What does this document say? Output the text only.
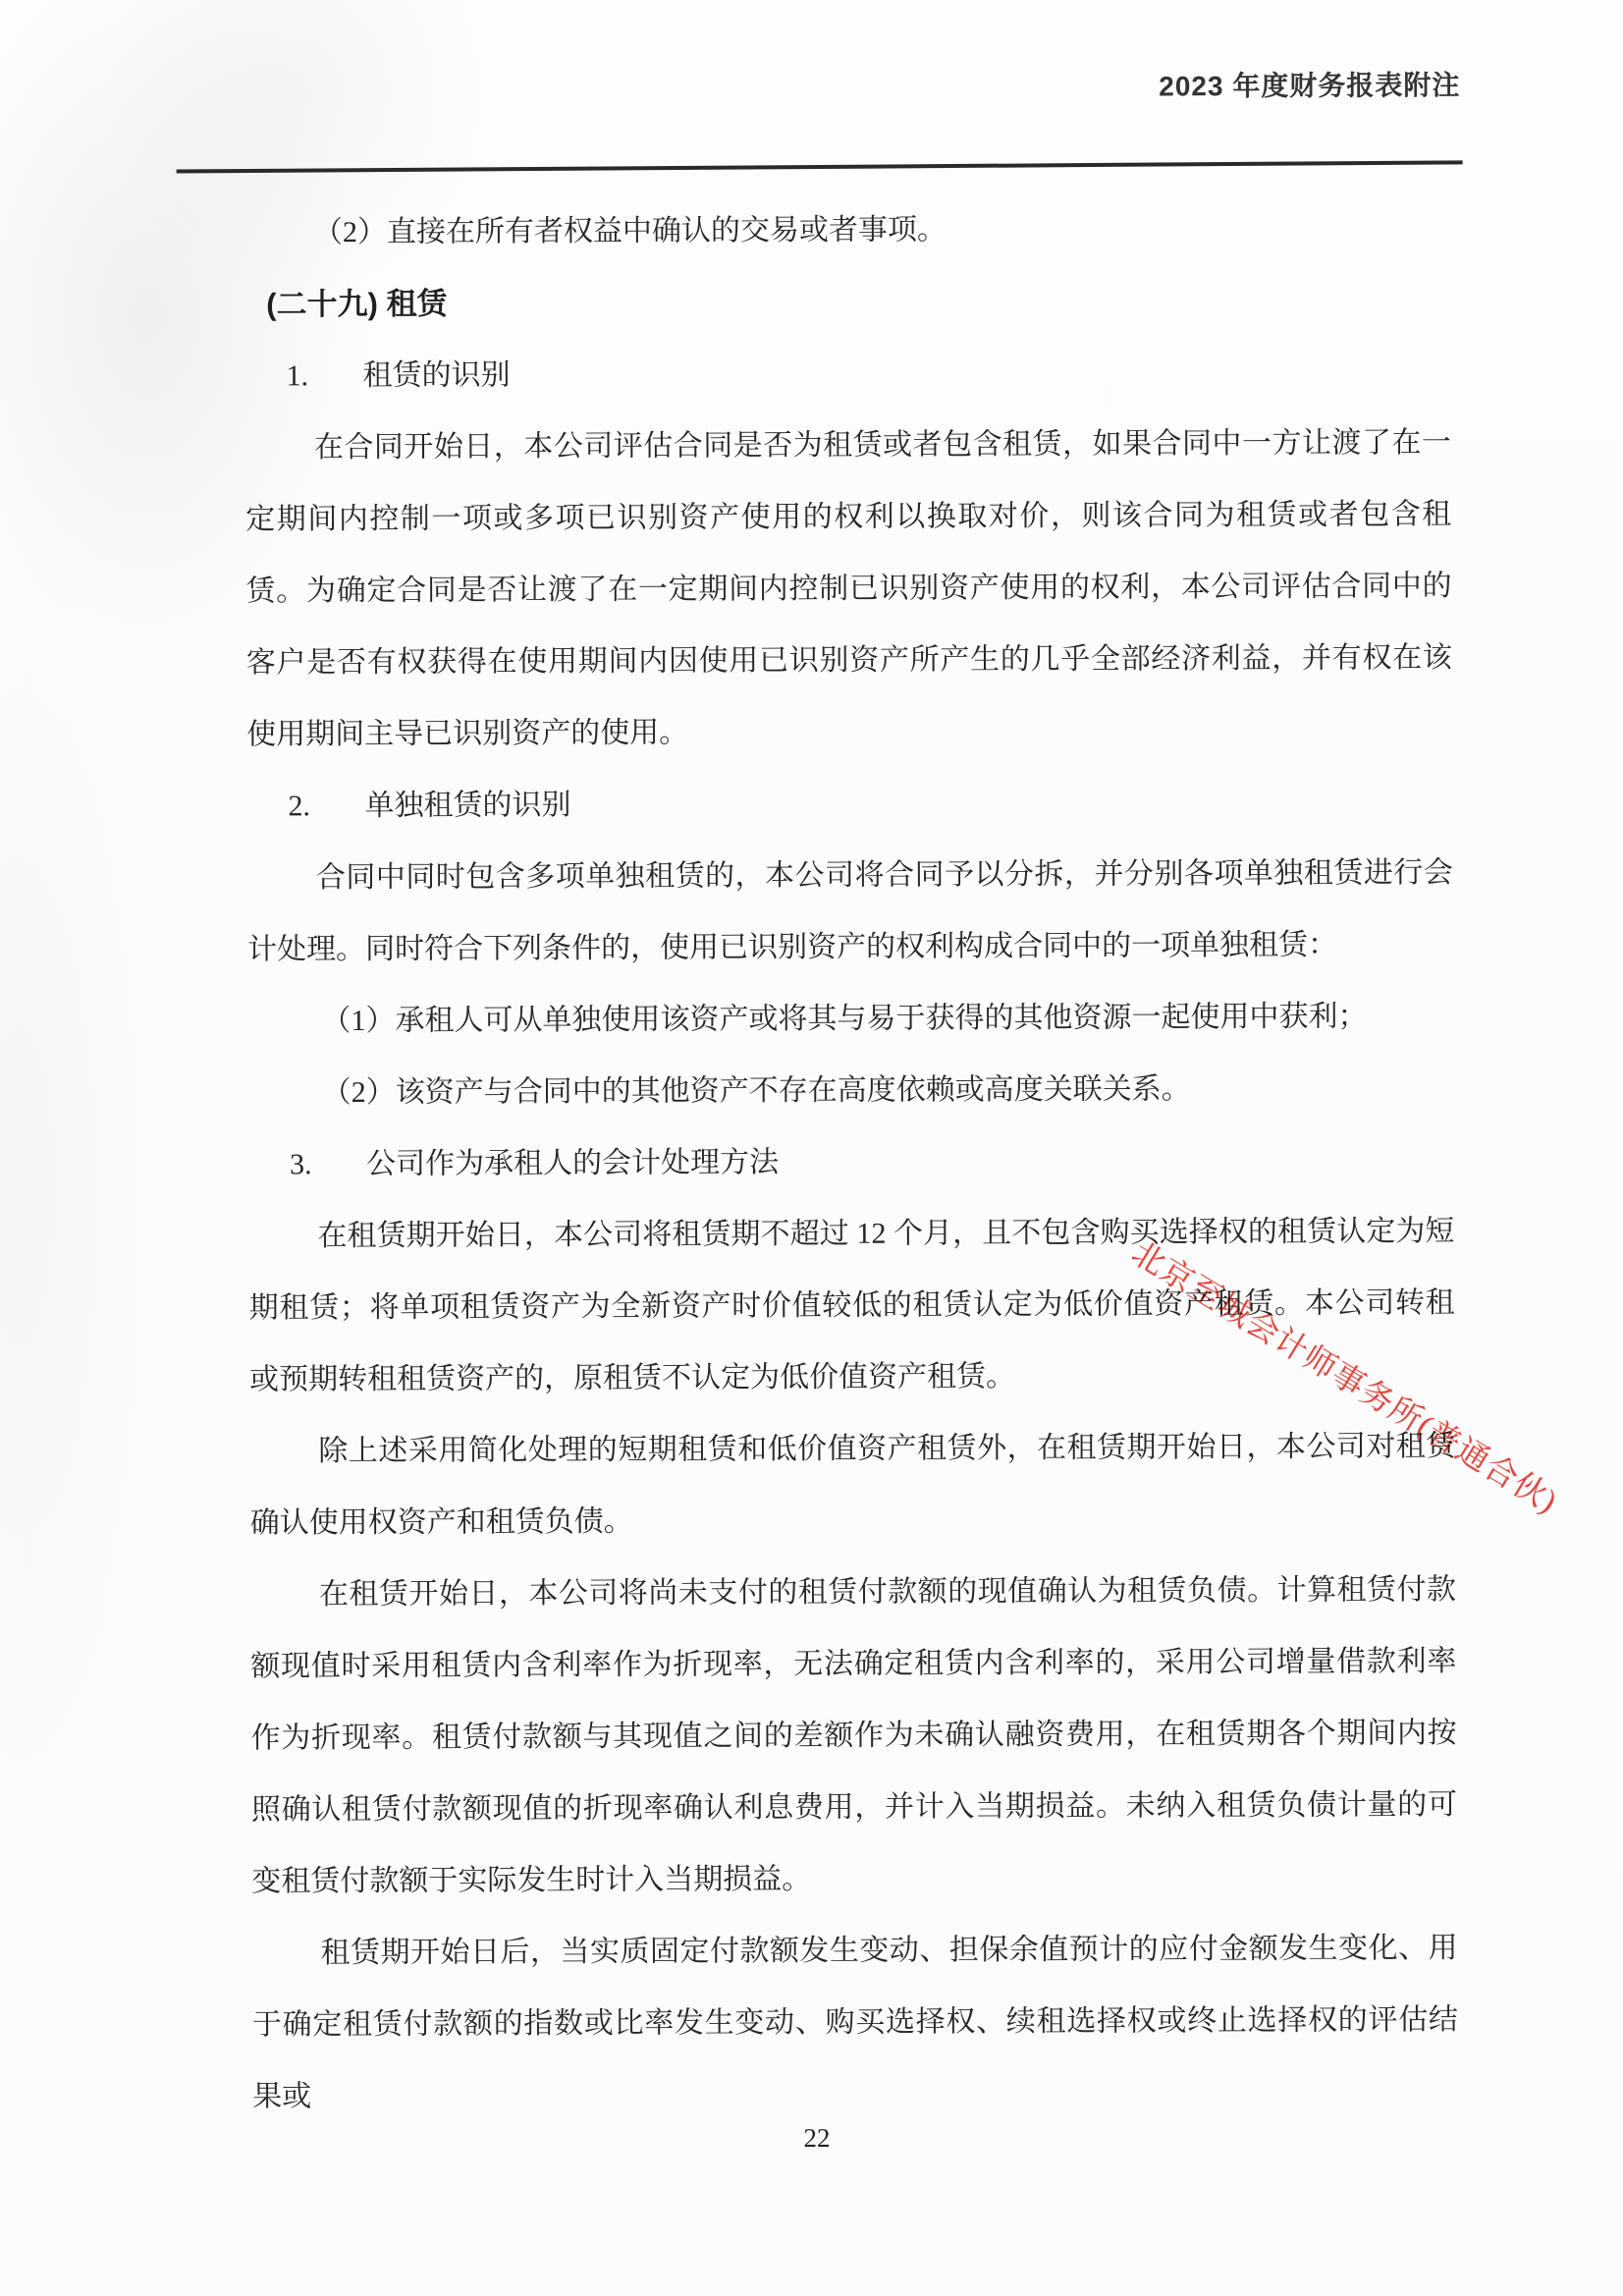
2023 年度财务报表附注

（2）直接在所有者权益中确认的交易或者事项。

(二十九) 租赁
1. 租赁的识别

在合同开始日，本公司评估合同是否为租赁或者包含租赁，如果合同中一方让渡了在一定期间内控制一项或多项已识别资产使用的权利以换取对价，则该合同为租赁或者包含租赁。为确定合同是否让渡了在一定期间内控制已识别资产使用的权利，本公司评估合同中的客户是否有权获得在使用期间内因使用已识别资产所产生的几乎全部经济利益，并有权在该使用期间主导已识别资产的使用。

2. 单独租赁的识别

合同中同时包含多项单独租赁的，本公司将合同予以分拆，并分别各项单独租赁进行会计处理。同时符合下列条件的，使用已识别资产的权利构成合同中的一项单独租赁：

（1）承租人可从单独使用该资产或将其与易于获得的其他资源一起使用中获利；

（2）该资产与合同中的其他资产不存在高度依赖或高度关联关系。

3. 公司作为承租人的会计处理方法

在租赁期开始日，本公司将租赁期不超过 12 个月，且不包含购买选择权的租赁认定为短期租赁；将单项租赁资产为全新资产时价值较低的租赁认定为低价值资产租赁。本公司转租或预期转租租赁资产的，原租赁不认定为低价值资产租赁。

除上述采用简化处理的短期租赁和低价值资产租赁外，在租赁期开始日，本公司对租赁确认使用权资产和租赁负债。

在租赁开始日，本公司将尚未支付的租赁付款额的现值确认为租赁负债。计算租赁付款额现值时采用租赁内含利率作为折现率，无法确定租赁内含利率的，采用公司增量借款利率作为折现率。租赁付款额与其现值之间的差额作为未确认融资费用，在租赁期各个期间内按照确认租赁付款额现值的折现率确认利息费用，并计入当期损益。未纳入租赁负债计量的可变租赁付款额于实际发生时计入当期损益。

租赁期开始日后，当实质固定付款额发生变动、担保余值预计的应付金额发生变化、用于确定租赁付款额的指数或比率发生变动、购买选择权、续租选择权或终止选择权的评估结果或

北京至城会计师事务所(普通合伙)
22
